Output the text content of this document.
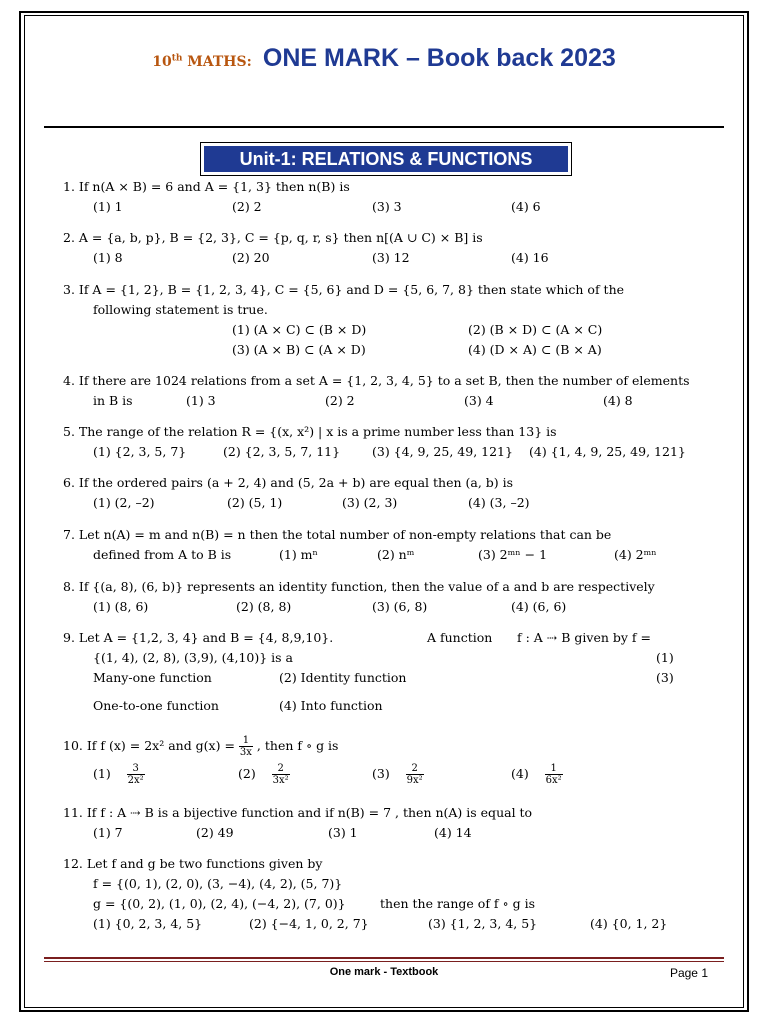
10th MATHS: ONE MARK – Book back 2023
Unit-1: RELATIONS & FUNCTIONS
1. If n(A × B) = 6 and A = {1, 3} then n(B) is
(1) 1	(2) 2	(3) 3	(4) 6
2. A = {a, b, p}, B = {2, 3}, C = {p, q, r, s} then n[(A ∪ C) × B] is
(1) 8	(2) 20	(3) 12	(4) 16
3. If A = {1, 2}, B = {1, 2, 3, 4}, C = {5, 6} and D = {5, 6, 7, 8} then state which of the
following statement is true.
(1) (A × C) ⊂ (B × D)	(2) (B × D) ⊂ (A × C)
(3) (A × B) ⊂ (A × D)	(4) (D × A) ⊂ (B × A)
4. If there are 1024 relations from a set A = {1, 2, 3, 4, 5} to a set B, then the number of elements
in B is	(1) 3	(2) 2	(3) 4	(4) 8
5. The range of the relation R = {(x, x²) | x is a prime number less than 13} is
(1) {2, 3, 5, 7}	(2) {2, 3, 5, 7, 11}	(3) {4, 9, 25, 49, 121} (4) {1, 4, 9, 25, 49, 121}
6. If the ordered pairs (a + 2, 4) and (5, 2a + b) are equal then (a, b) is
(1) (2, –2)	(2) (5, 1)	(3) (2, 3)	(4) (3, –2)
7. Let n(A) = m and n(B) = n then the total number of non-empty relations that can be
defined from A to B is	(1) mⁿ	(2) nᵐ	(3) 2ᵐⁿ − 1	(4) 2ᵐⁿ
8. If {(a, 8), (6, b)} represents an identity function, then the value of a and b are respectively
(1) (8, 6)	(2) (8, 8)	(3) (6, 8)	(4) (6, 6)
9. Let A = {1,2, 3, 4} and B = {4, 8,9,10}.	A function f : A ⇢ B given by f =
{(1, 4), (2, 8), (3,9), (4,10)} is a	(1)
Many-one function	(2) Identity function	(3)
One-to-one function	(4) Into function
10. If f (x) = 2x² and $g(x) = \frac{1}{3x}$ , then f ∘ g is
$(1) \frac{3}{\text{2x²}}$	$(2) \frac{2}{\text{3x²}}$	$(3) \frac{2}{\text{9x²}}$	$(4) \frac{1}{\text{6x²}}$
11. If f : A ⇢ B is a bijective function and if n(B) = 7 , then n(A) is equal to
(1) 7	(2) 49	(3) 1	(4) 14
12. Let f and g be two functions given by
f = {(0, 1), (2, 0), (3, −4), (4, 2), (5, 7)}
g = {(0, 2), (1, 0), (2, 4), (−4, 2), (7, 0)}	then the range of f ∘ g is
(1) {0, 2, 3, 4, 5}	(2) {−4, 1, 0, 2, 7}	(3) {1, 2, 3, 4, 5}	(4) {0, 1, 2}
One mark - Textbook	Page 1
